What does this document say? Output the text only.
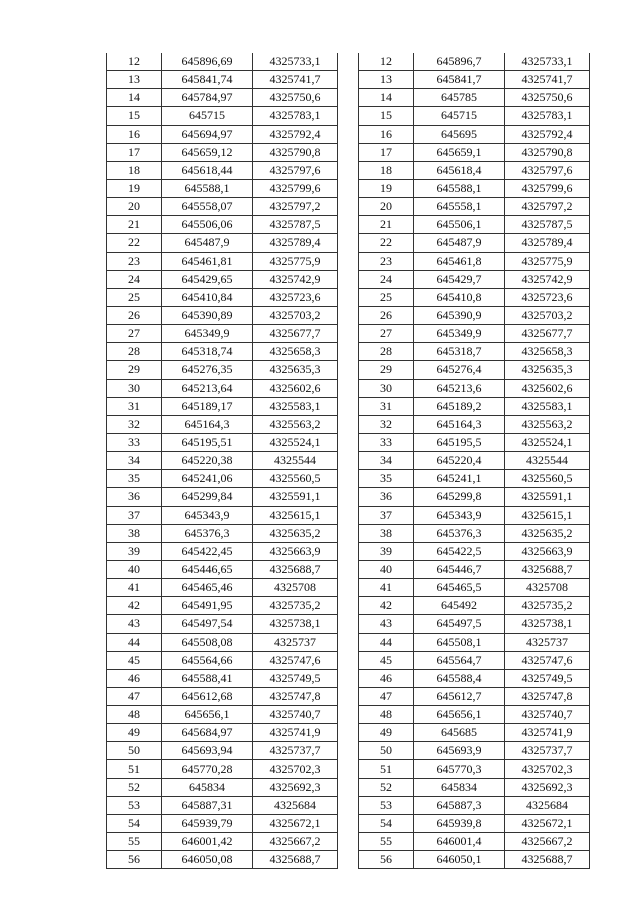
12	645896,69	4325733,1
13	645841,74	4325741,7
14	645784,97	4325750,6
15	645715	4325783,1
16	645694,97	4325792,4
17	645659,12	4325790,8
18	645618,44	4325797,6
19	645588,1	4325799,6
20	645558,07	4325797,2
21	645506,06	4325787,5
22	645487,9	4325789,4
23	645461,81	4325775,9
24	645429,65	4325742,9
25	645410,84	4325723,6
26	645390,89	4325703,2
27	645349,9	4325677,7
28	645318,74	4325658,3
29	645276,35	4325635,3
30	645213,64	4325602,6
31	645189,17	4325583,1
32	645164,3	4325563,2
33	645195,51	4325524,1
34	645220,38	4325544
35	645241,06	4325560,5
36	645299,84	4325591,1
37	645343,9	4325615,1
38	645376,3	4325635,2
39	645422,45	4325663,9
40	645446,65	4325688,7
41	645465,46	4325708
42	645491,95	4325735,2
43	645497,54	4325738,1
44	645508,08	4325737
45	645564,66	4325747,6
46	645588,41	4325749,5
47	645612,68	4325747,8
48	645656,1	4325740,7
49	645684,97	4325741,9
50	645693,94	4325737,7
51	645770,28	4325702,3
52	645834	4325692,3
53	645887,31	4325684
54	645939,79	4325672,1
55	646001,42	4325667,2
56	646050,08	4325688,7
12	645896,7	4325733,1
13	645841,7	4325741,7
14	645785	4325750,6
15	645715	4325783,1
16	645695	4325792,4
17	645659,1	4325790,8
18	645618,4	4325797,6
19	645588,1	4325799,6
20	645558,1	4325797,2
21	645506,1	4325787,5
22	645487,9	4325789,4
23	645461,8	4325775,9
24	645429,7	4325742,9
25	645410,8	4325723,6
26	645390,9	4325703,2
27	645349,9	4325677,7
28	645318,7	4325658,3
29	645276,4	4325635,3
30	645213,6	4325602,6
31	645189,2	4325583,1
32	645164,3	4325563,2
33	645195,5	4325524,1
34	645220,4	4325544
35	645241,1	4325560,5
36	645299,8	4325591,1
37	645343,9	4325615,1
38	645376,3	4325635,2
39	645422,5	4325663,9
40	645446,7	4325688,7
41	645465,5	4325708
42	645492	4325735,2
43	645497,5	4325738,1
44	645508,1	4325737
45	645564,7	4325747,6
46	645588,4	4325749,5
47	645612,7	4325747,8
48	645656,1	4325740,7
49	645685	4325741,9
50	645693,9	4325737,7
51	645770,3	4325702,3
52	645834	4325692,3
53	645887,3	4325684
54	645939,8	4325672,1
55	646001,4	4325667,2
56	646050,1	4325688,7
